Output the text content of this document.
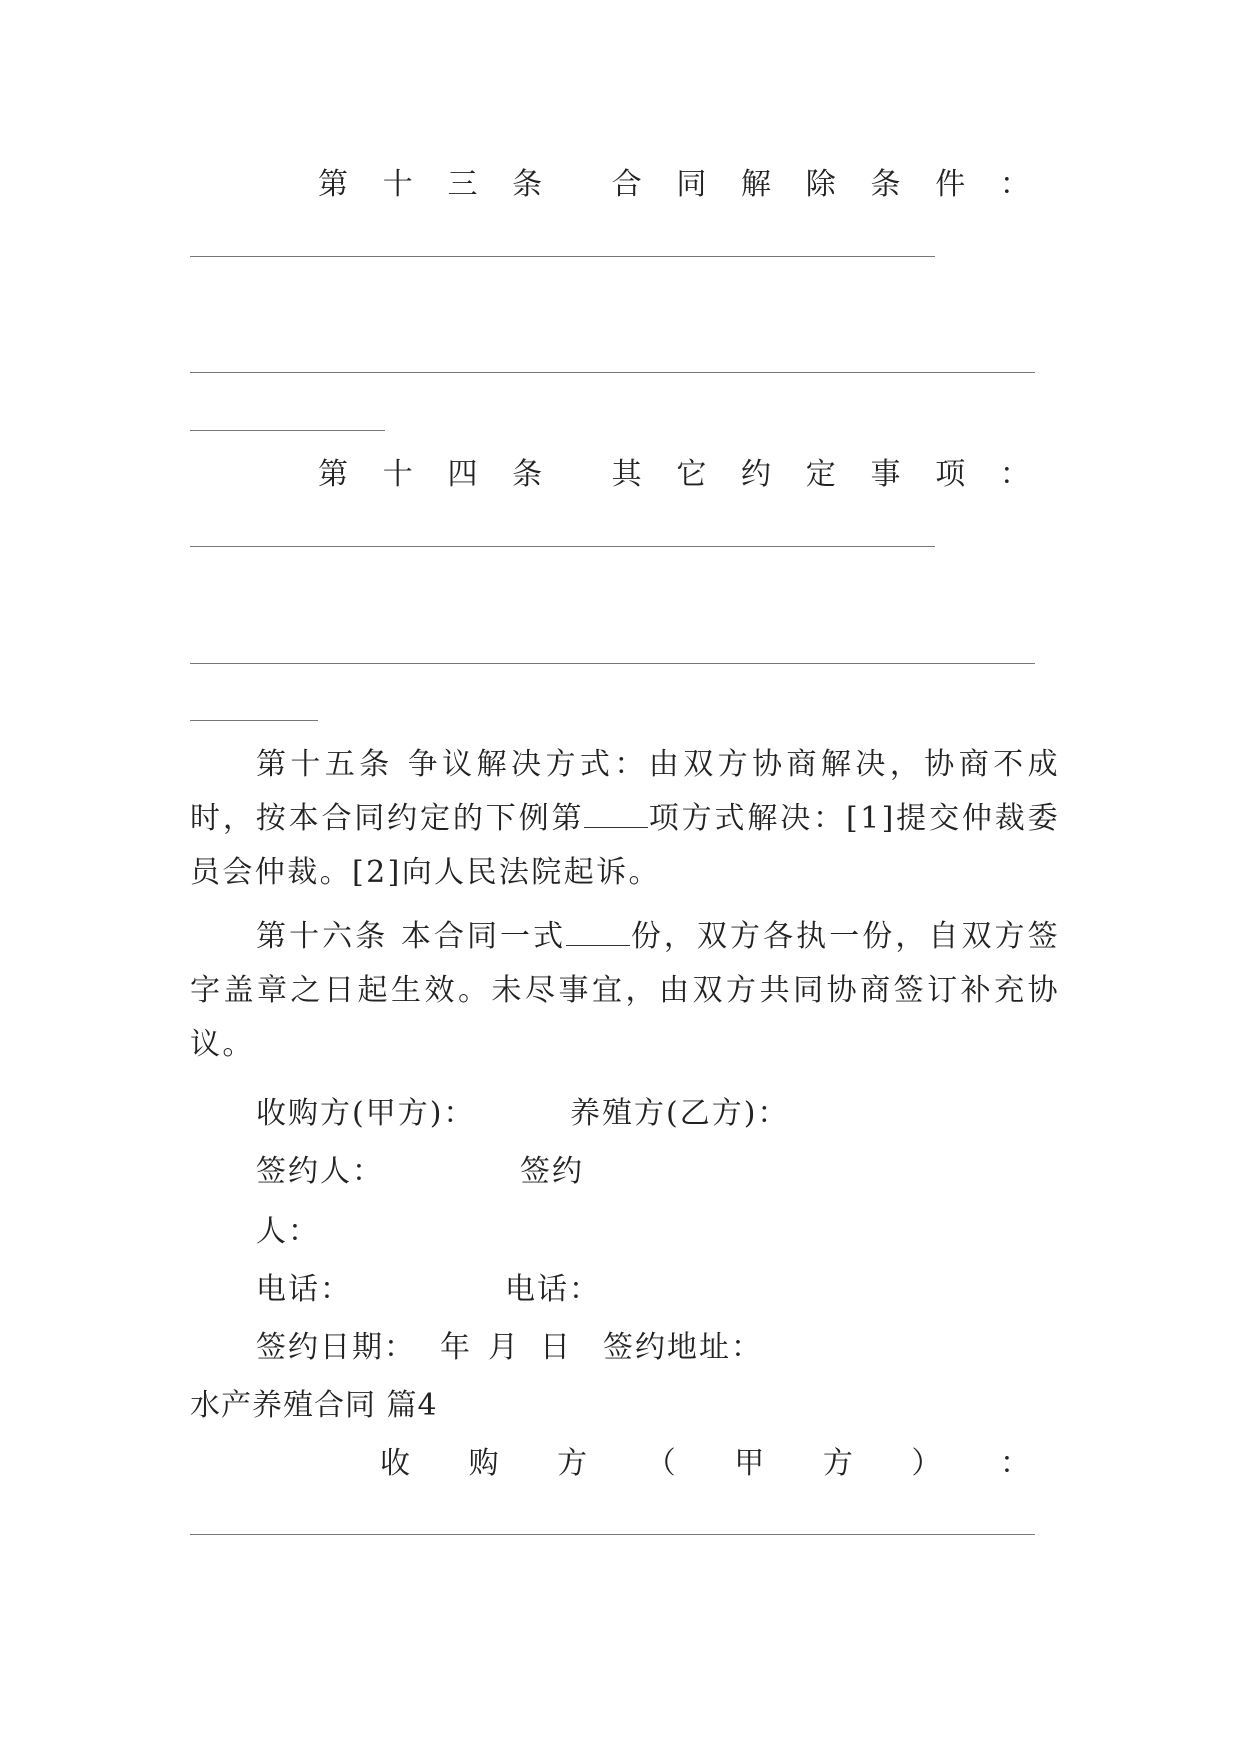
第 十 三 条 合 同 解 除 条 件 ：
第 十 四 条 其 它 约 定 事 项 ：

第十五条 争议解决方式：由双方协商解决，协商不成时，按本合同约定的下例第 项方式解决：[1]提交仲裁委员会仲裁。[2]向人民法院起诉。

第十六条 本合同一式 份，双方各执一份，自双方签字盖章之日起生效。未尽事宜，由双方共同协商签订补充协议。

收购方(甲方)：	养殖方(乙方)：
签约人：	签约
人：
电话：	电话：
签约日期： 年 月 日 签约地址：
水产养殖合同 篇4
收 购 方 （ 甲 方 ） ：
